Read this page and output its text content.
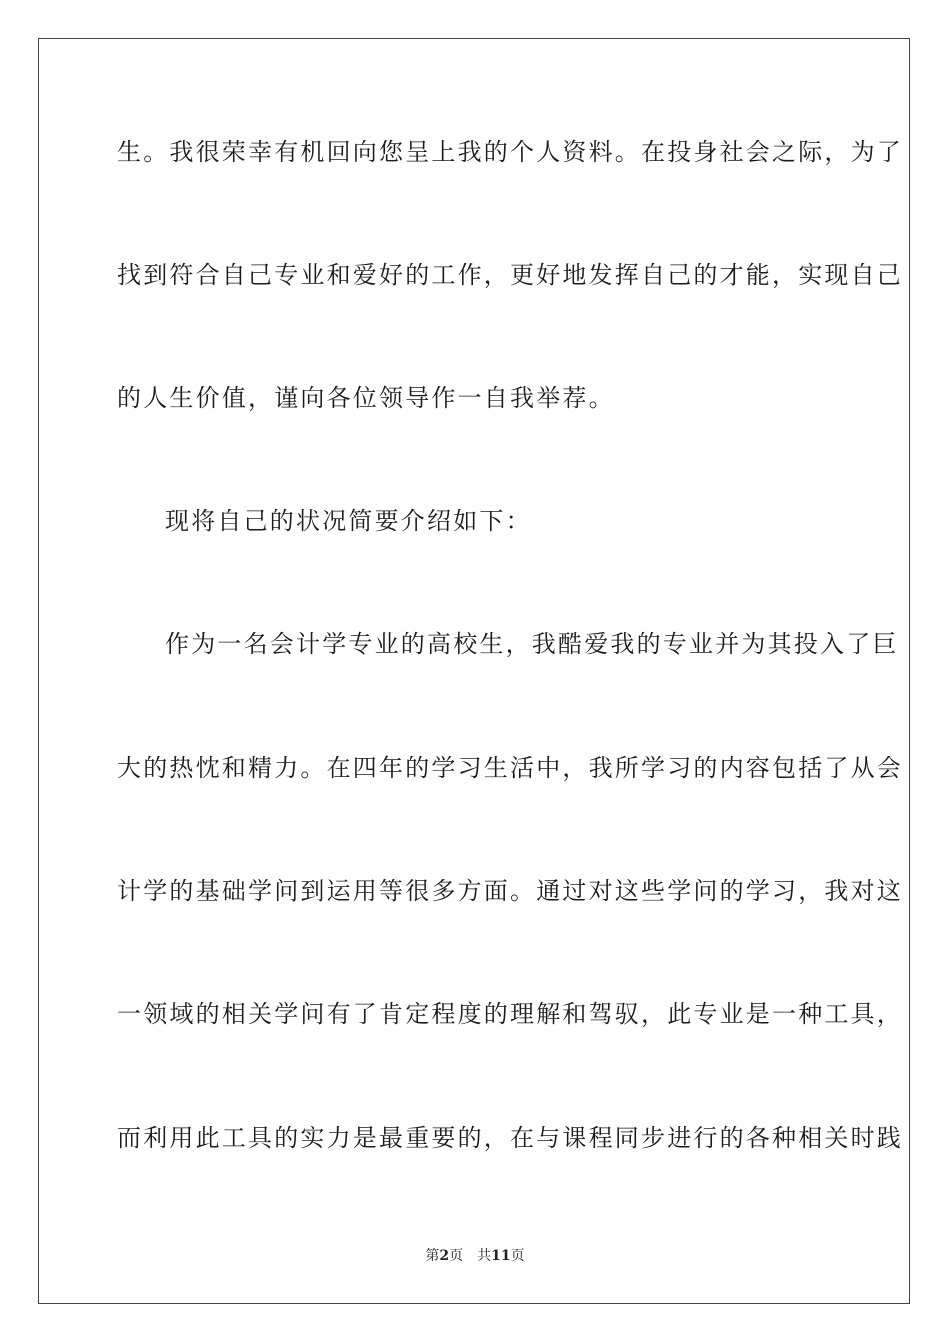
生。我很荣幸有机回向您呈上我的个人资料。在投身社会之际，为了
找到符合自己专业和爱好的工作，更好地发挥自己的才能，实现自己
的人生价值，谨向各位领导作一自我举荐。
现将自己的状况简要介绍如下：
作为一名会计学专业的高校生，我酷爱我的专业并为其投入了巨
大的热忱和精力。在四年的学习生活中，我所学习的内容包括了从会
计学的基础学问到运用等很多方面。通过对这些学问的学习，我对这
一领域的相关学问有了肯定程度的理解和驾驭，此专业是一种工具，
而利用此工具的实力是最重要的，在与课程同步进行的各种相关时践
第2页 共11页
